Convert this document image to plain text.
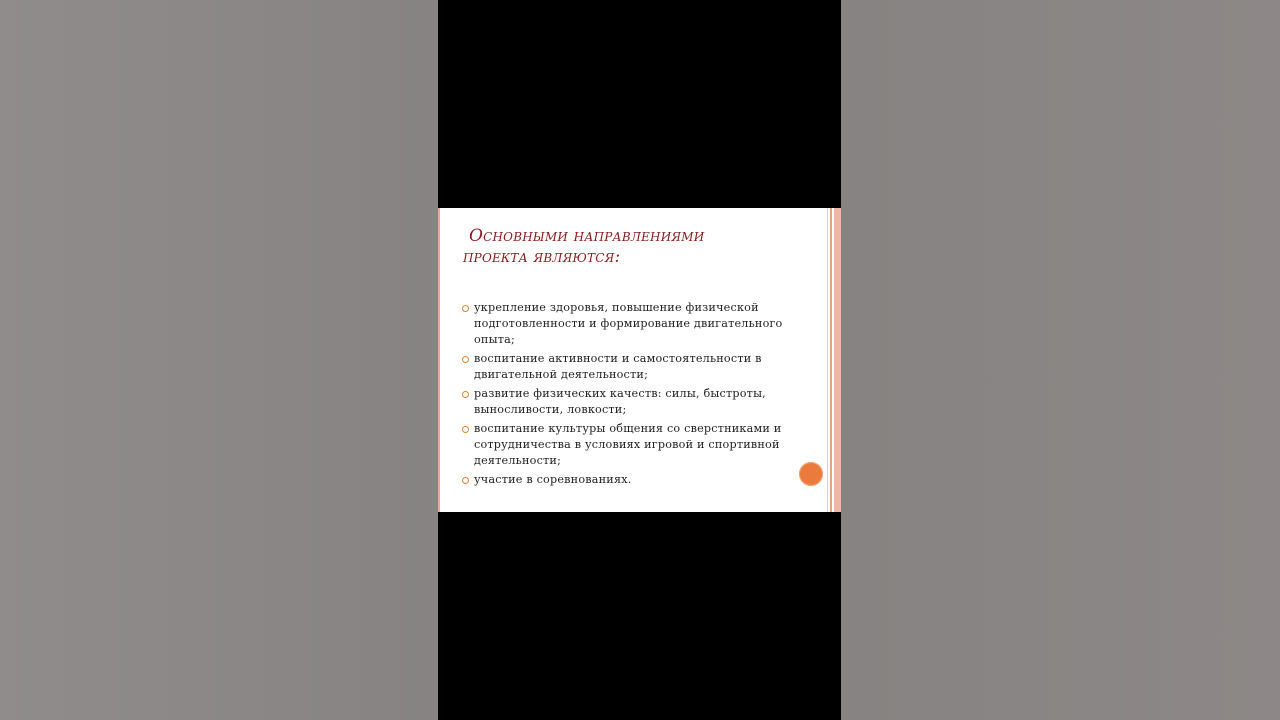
Основными направлениями
проекта являются:
укрепление здоровья, повышение физической подготовленности и формирование двигательного опыта;
воспитание активности и самостоятельности в двигательной деятельности;
развитие физических качеств: силы, быстроты, выносливости, ловкости;
воспитание культуры общения со сверстниками и сотрудничества в условиях игровой и спортивной деятельности;
участие в соревнованиях.
